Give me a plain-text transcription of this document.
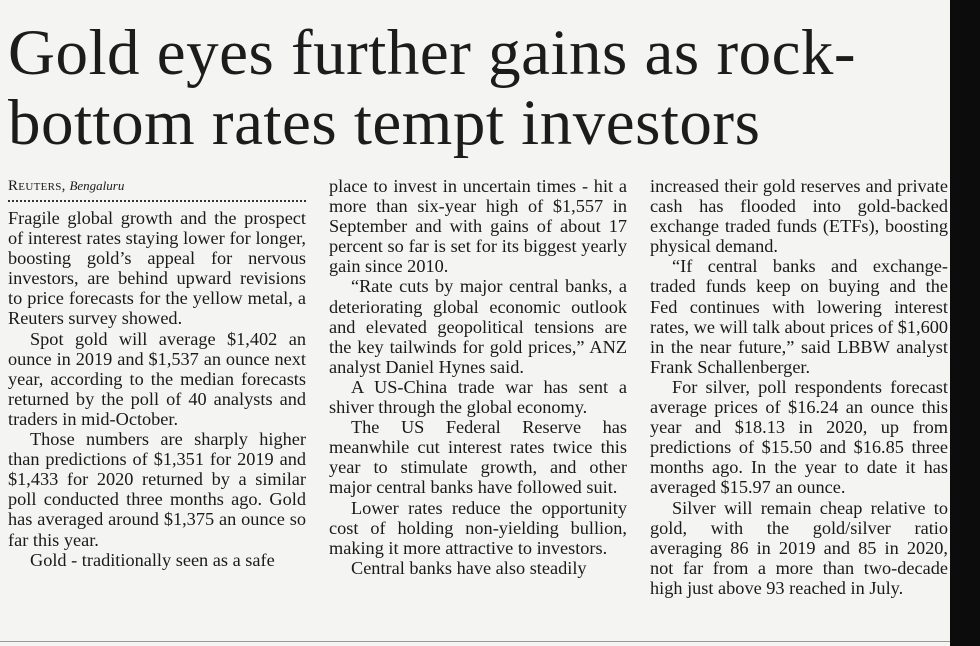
Gold eyes further gains as rock-bottom rates tempt investors
Reuters, Bengaluru

Fragile global growth and the prospect of interest rates staying lower for longer, boosting gold’s appeal for nervous investors, are behind upward revisions to price forecasts for the yellow metal, a Reuters survey showed.

Spot gold will average $1,402 an ounce in 2019 and $1,537 an ounce next year, according to the median forecasts returned by the poll of 40 analysts and traders in mid-October.

Those numbers are sharply higher than predictions of $1,351 for 2019 and $1,433 for 2020 returned by a similar poll conducted three months ago. Gold has averaged around $1,375 an ounce so far this year.

Gold - traditionally seen as a safe

place to invest in uncertain times - hit a more than six-year high of $1,557 in September and with gains of about 17 percent so far is set for its biggest yearly gain since 2010.

“Rate cuts by major central banks, a deteriorating global economic outlook and elevated geopolitical tensions are the key tailwinds for gold prices,” ANZ analyst Daniel Hynes said.

A US-China trade war has sent a shiver through the global economy.

The US Federal Reserve has meanwhile cut interest rates twice this year to stimulate growth, and other major central banks have followed suit.

Lower rates reduce the opportunity cost of holding non-yielding bullion, making it more attractive to investors.

Central banks have also steadily

increased their gold reserves and private cash has flooded into gold-backed exchange traded funds (ETFs), boosting physical demand.

“If central banks and exchange-traded funds keep on buying and the Fed continues with lowering interest rates, we will talk about prices of $1,600 in the near future,” said LBBW analyst Frank Schallenberger.

For silver, poll respondents forecast average prices of $16.24 an ounce this year and $18.13 in 2020, up from predictions of $15.50 and $16.85 three months ago. In the year to date it has averaged $15.97 an ounce.

Silver will remain cheap relative to gold, with the gold/silver ratio averaging 86 in 2019 and 85 in 2020, not far from a more than two-decade high just above 93 reached in July.
